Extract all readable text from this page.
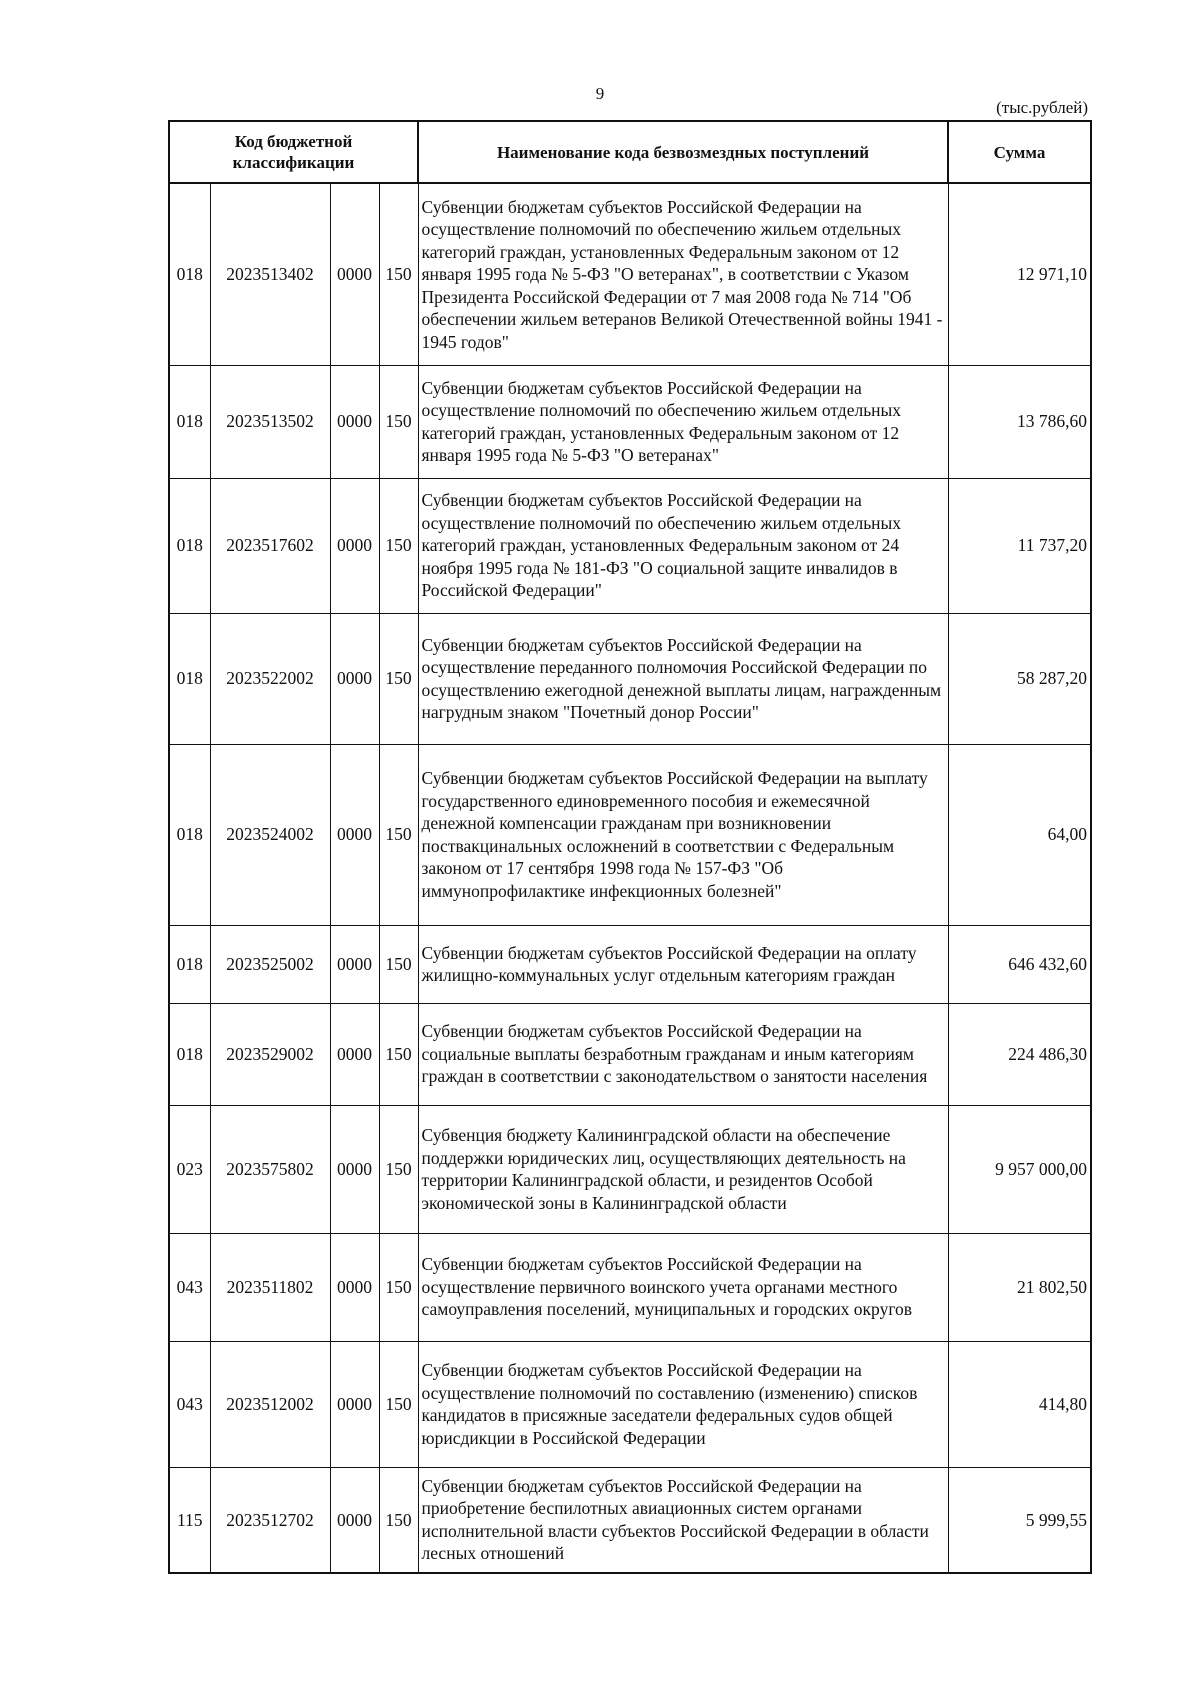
9
(тыс.рублей)
Код бюджетной классификации				Наименование кода безвозмездных поступлений	Сумма
018	2023513402	0000	150	Субвенции бюджетам субъектов Российской Федерации на осуществление полномочий по обеспечению жильем отдельных категорий граждан, установленных Федеральным законом от 12 января 1995 года № 5-ФЗ "О ветеранах", в соответствии с Указом Президента Российской Федерации от 7 мая 2008 года № 714 "Об обеспечении жильем ветеранов Великой Отечественной войны 1941 - 1945 годов"	12 971,10
018	2023513502	0000	150	Субвенции бюджетам субъектов Российской Федерации на осуществление полномочий по обеспечению жильем отдельных категорий граждан, установленных Федеральным законом от 12 января 1995 года № 5-ФЗ "О ветеранах"	13 786,60
018	2023517602	0000	150	Субвенции бюджетам субъектов Российской Федерации на осуществление полномочий по обеспечению жильем отдельных категорий граждан, установленных Федеральным законом от 24 ноября 1995 года № 181-ФЗ "О социальной защите инвалидов в Российской Федерации"	11 737,20
018	2023522002	0000	150	Субвенции бюджетам субъектов Российской Федерации на осуществление переданного полномочия Российской Федерации по осуществлению ежегодной денежной выплаты лицам, награжденным нагрудным знаком "Почетный донор России"	58 287,20
018	2023524002	0000	150	Субвенции бюджетам субъектов Российской Федерации на выплату государственного единовременного пособия и ежемесячной денежной компенсации гражданам при возникновении поствакцинальных осложнений в соответствии с Федеральным законом от 17 сентября 1998 года № 157-ФЗ "Об иммунопрофилактике инфекционных болезней"	64,00
018	2023525002	0000	150	Субвенции бюджетам субъектов Российской Федерации на оплату жилищно-коммунальных услуг отдельным категориям граждан	646 432,60
018	2023529002	0000	150	Субвенции бюджетам субъектов Российской Федерации на социальные выплаты безработным гражданам и иным категориям граждан в соответствии с законодательством о занятости населения	224 486,30
023	2023575802	0000	150	Субвенция бюджету Калининградской области на обеспечение поддержки юридических лиц, осуществляющих деятельность на территории Калининградской области, и резидентов Особой экономической зоны в Калининградской области	9 957 000,00
043	2023511802	0000	150	Субвенции бюджетам субъектов Российской Федерации на осуществление первичного воинского учета органами местного самоуправления поселений, муниципальных и городских округов	21 802,50
043	2023512002	0000	150	Субвенции бюджетам субъектов Российской Федерации на осуществление полномочий по составлению (изменению) списков кандидатов в присяжные заседатели федеральных судов общей юрисдикции в Российской Федерации	414,80
115	2023512702	0000	150	Субвенции бюджетам субъектов Российской Федерации на приобретение беспилотных авиационных систем органами исполнительной власти субъектов Российской Федерации в области лесных отношений	5 999,55
